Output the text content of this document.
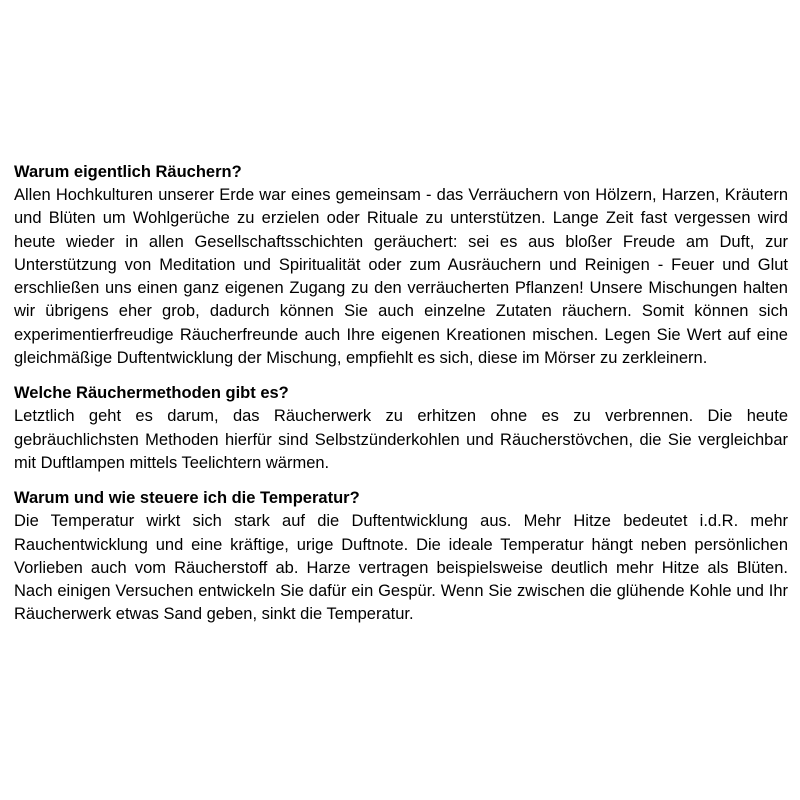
Warum eigentlich Räuchern?

Allen Hochkulturen unserer Erde war eines gemeinsam - das Verräuchern von Hölzern, Harzen, Kräutern und Blüten um Wohlgerüche zu erzielen oder Rituale zu unterstützen. Lange Zeit fast vergessen wird heute wieder in allen Gesellschaftsschichten geräuchert: sei es aus bloßer Freude am Duft, zur Unterstützung von Meditation und Spiritualität oder zum Ausräuchern und Reinigen - Feuer und Glut erschließen uns einen ganz eigenen Zugang zu den verräucherten Pflanzen! Unsere Mischungen halten wir übrigens eher grob, dadurch können Sie auch einzelne Zutaten räuchern. Somit können sich experimentierfreudige Räucherfreunde auch Ihre eigenen Kreationen mischen. Legen Sie Wert auf eine gleichmäßige Duftentwicklung der Mischung, empfiehlt es sich, diese im Mörser zu zerkleinern.

Welche Räuchermethoden gibt es?

Letztlich geht es darum, das Räucherwerk zu erhitzen ohne es zu verbrennen. Die heute gebräuchlichsten Methoden hierfür sind Selbstzünderkohlen und Räucherstövchen, die Sie vergleichbar mit Duftlampen mittels Teelichtern wärmen.

Warum und wie steuere ich die Temperatur?

Die Temperatur wirkt sich stark auf die Duftentwicklung aus. Mehr Hitze bedeutet i.d.R. mehr Rauchentwicklung und eine kräftige, urige Duftnote. Die ideale Temperatur hängt neben persönlichen Vorlieben auch vom Räucherstoff ab. Harze vertragen beispielsweise deutlich mehr Hitze als Blüten. Nach einigen Versuchen entwickeln Sie dafür ein Gespür. Wenn Sie zwischen die glühende Kohle und Ihr Räucherwerk etwas Sand geben, sinkt die Temperatur.
